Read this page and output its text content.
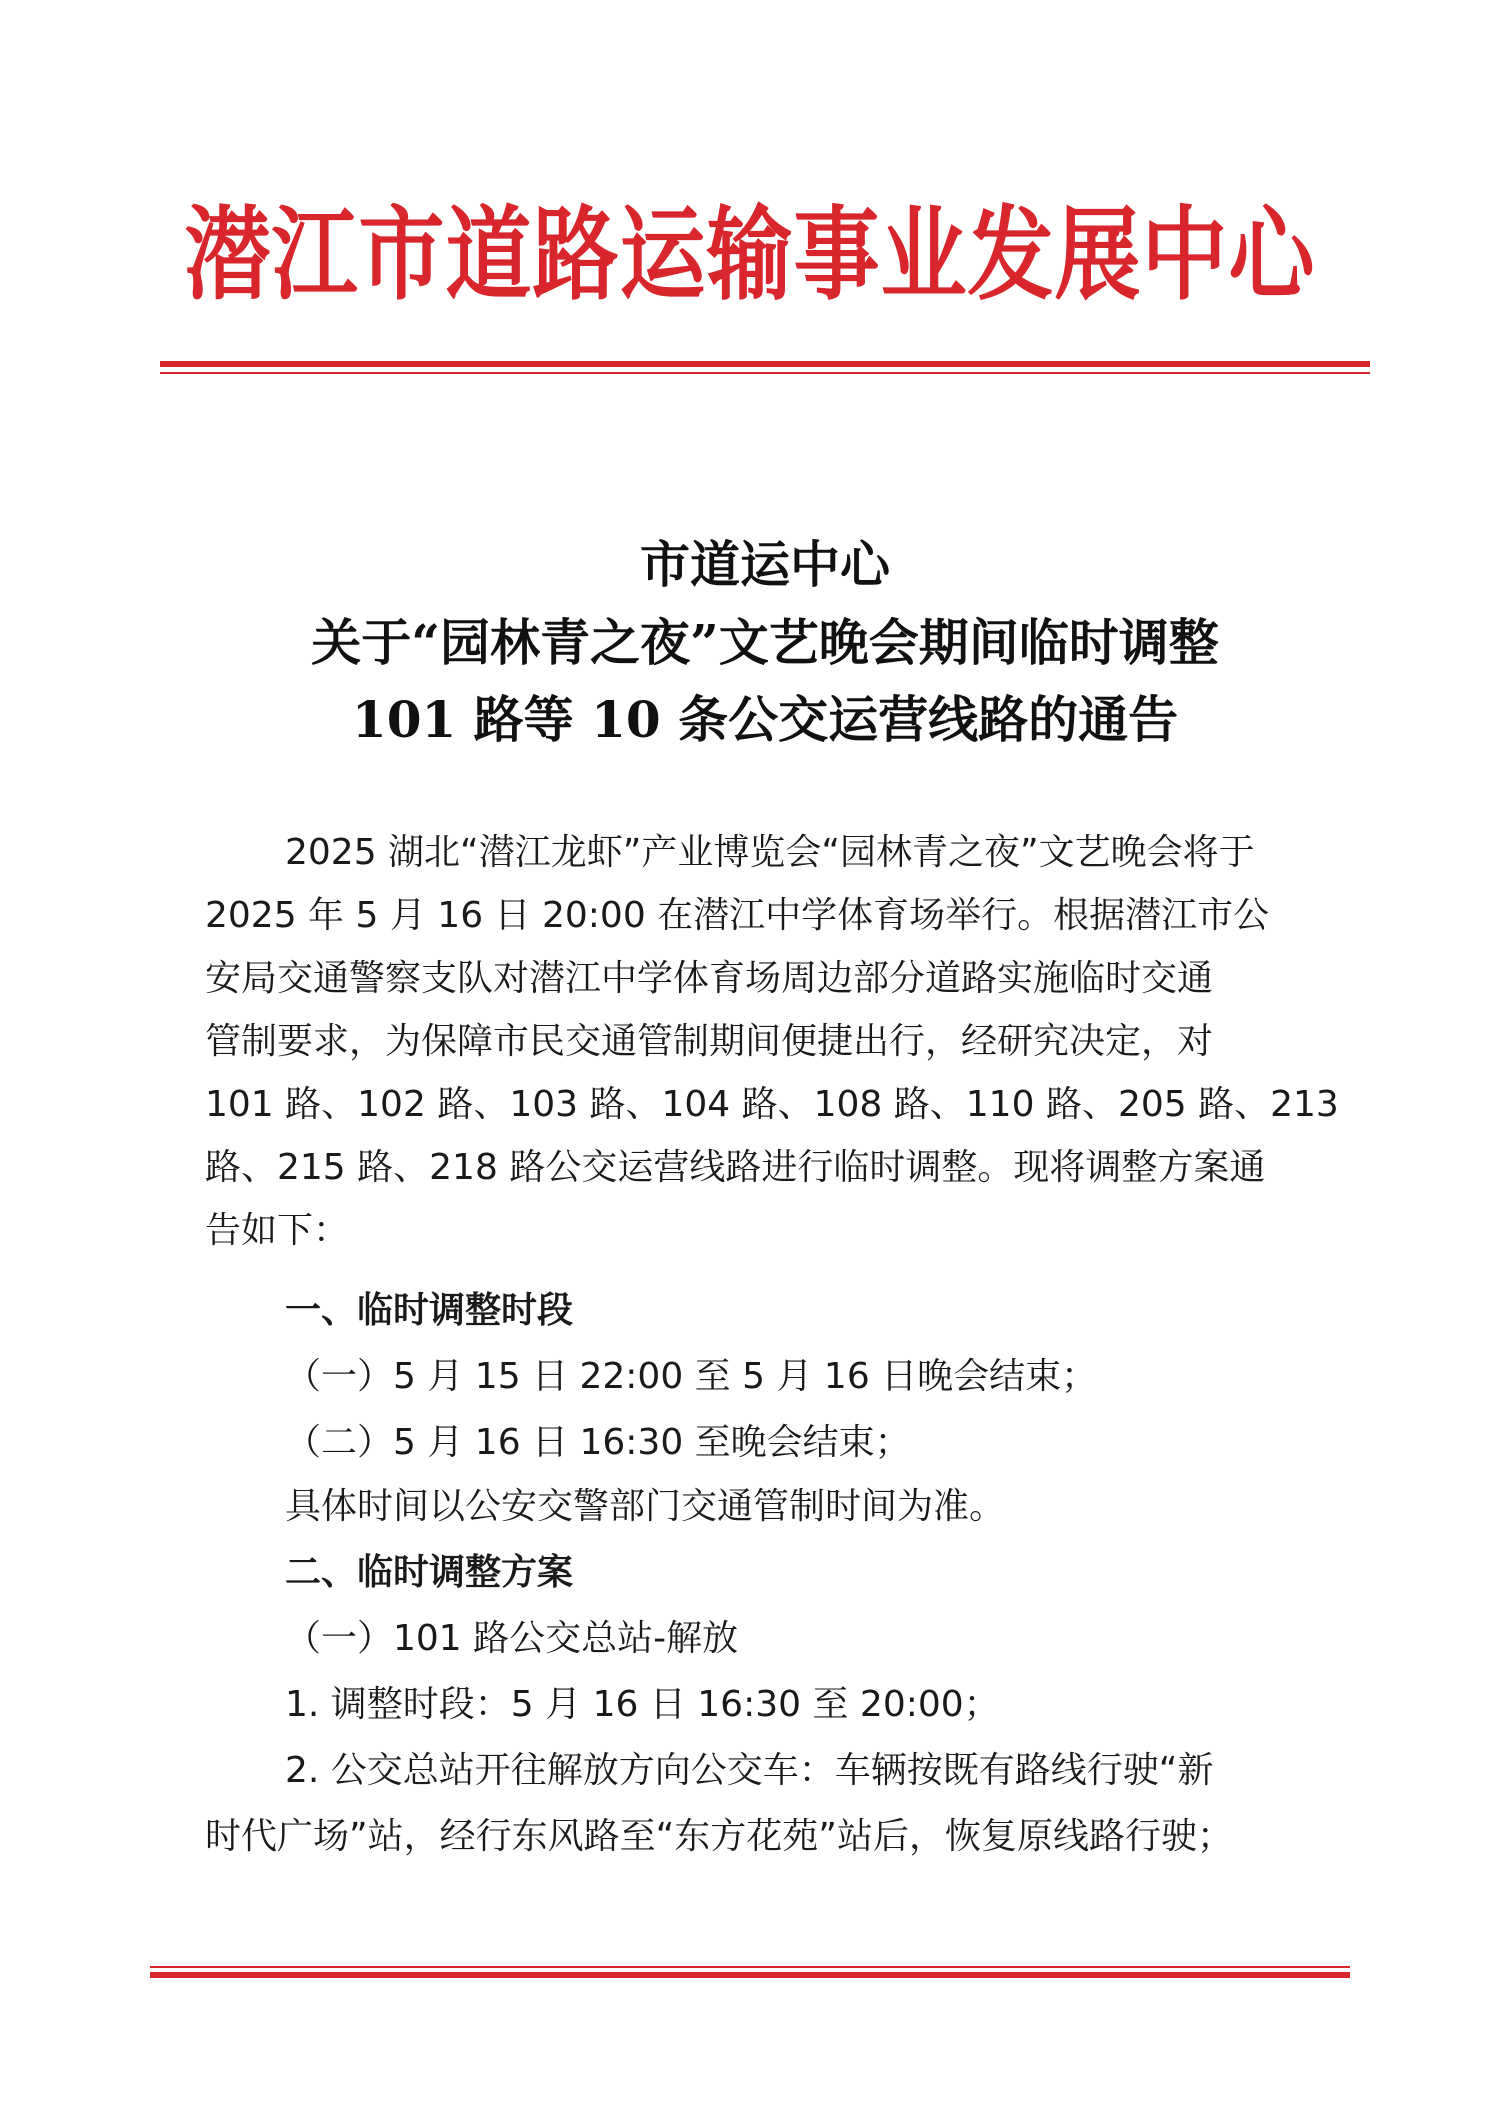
潜江市道路运输事业发展中心
市道运中心
关于“园林青之夜”文艺晚会期间临时调整
101 路等 10 条公交运营线路的通告
2025 湖北“潜江龙虾”产业博览会“园林青之夜”文艺晚会将于
2025 年 5 月 16 日 20:00 在潜江中学体育场举行。根据潜江市公
安局交通警察支队对潜江中学体育场周边部分道路实施临时交通
管制要求，为保障市民交通管制期间便捷出行，经研究决定，对
101 路、102 路、103 路、104 路、108 路、110 路、205 路、213
路、215 路、218 路公交运营线路进行临时调整。现将调整方案通
告如下：
一、临时调整时段
（一）5 月 15 日 22:00 至 5 月 16 日晚会结束；
（二）5 月 16 日 16:30 至晚会结束；
具体时间以公安交警部门交通管制时间为准。
二、临时调整方案
（一）101 路公交总站-解放
1. 调整时段：5 月 16 日 16:30 至 20:00；
2. 公交总站开往解放方向公交车：车辆按既有路线行驶“新
时代广场”站，经行东风路至“东方花苑”站后，恢复原线路行驶；
